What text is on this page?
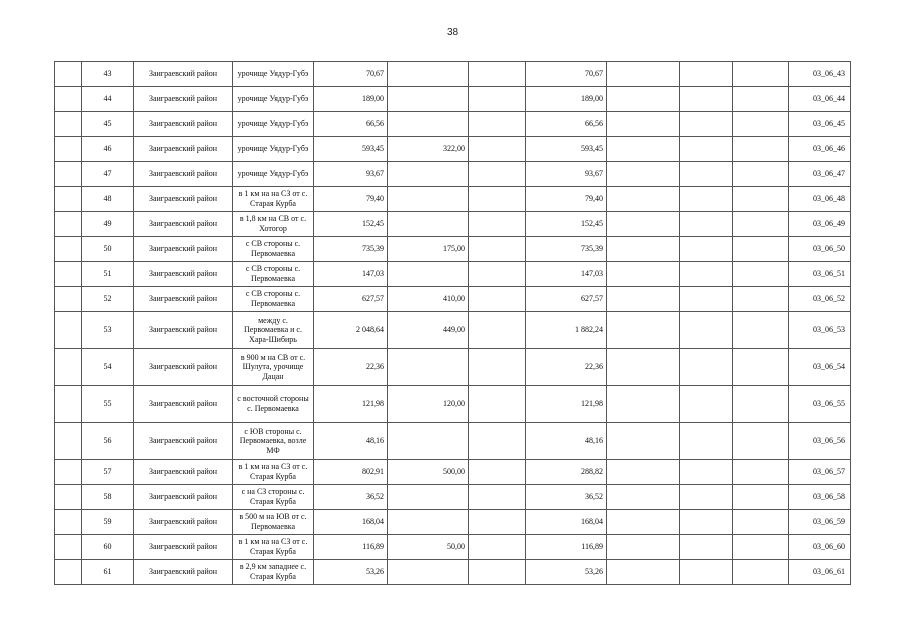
38
	43	Заиграевский район	урочище Уядур-Губэ	70,67			70,67				03_06_43
	44	Заиграевский район	урочище Уядур-Губэ	189,00			189,00				03_06_44
	45	Заиграевский район	урочище Уядур-Губэ	66,56			66,56				03_06_45
	46	Заиграевский район	урочище Уядур-Губэ	593,45	322,00		593,45				03_06_46
	47	Заиграевский район	урочище Уядур-Губэ	93,67			93,67				03_06_47
	48	Заиграевский район	в 1 км на на СЗ от с. Старая Курба	79,40			79,40				03_06_48
	49	Заиграевский район	в 1,8 км на СВ от с. Хотогор	152,45			152,45				03_06_49
	50	Заиграевский район	с СВ стороны с. Первомаевка	735,39	175,00		735,39				03_06_50
	51	Заиграевский район	с СВ стороны с. Первомаевка	147,03			147,03				03_06_51
	52	Заиграевский район	с СВ стороны с. Первомаевка	627,57	410,00		627,57				03_06_52
	53	Заиграевский район	между с. Первомаевка и с. Хара-Шибирь	2 048,64	449,00		1 882,24				03_06_53
	54	Заиграевский район	в 900 м на СВ от с. Шулута, урочище Дацан	22,36			22,36				03_06_54
	55	Заиграевский район	с восточной стороны с. Первомаевка	121,98	120,00		121,98				03_06_55
	56	Заиграевский район	с ЮВ стороны с. Первомаевка, возле МФ	48,16			48,16				03_06_56
	57	Заиграевский район	в 1 км на на СЗ от с. Старая Курба	802,91	500,00		288,82				03_06_57
	58	Заиграевский район	с на СЗ стороны с. Старая Курба	36,52			36,52				03_06_58
	59	Заиграевский район	в 500 м на ЮВ от с. Первомаевка	168,04			168,04				03_06_59
	60	Заиграевский район	в 1 км на на СЗ от с. Старая Курба	116,89	50,00		116,89				03_06_60
	61	Заиграевский район	в 2,9 км западнее с. Старая Курба	53,26			53,26				03_06_61
